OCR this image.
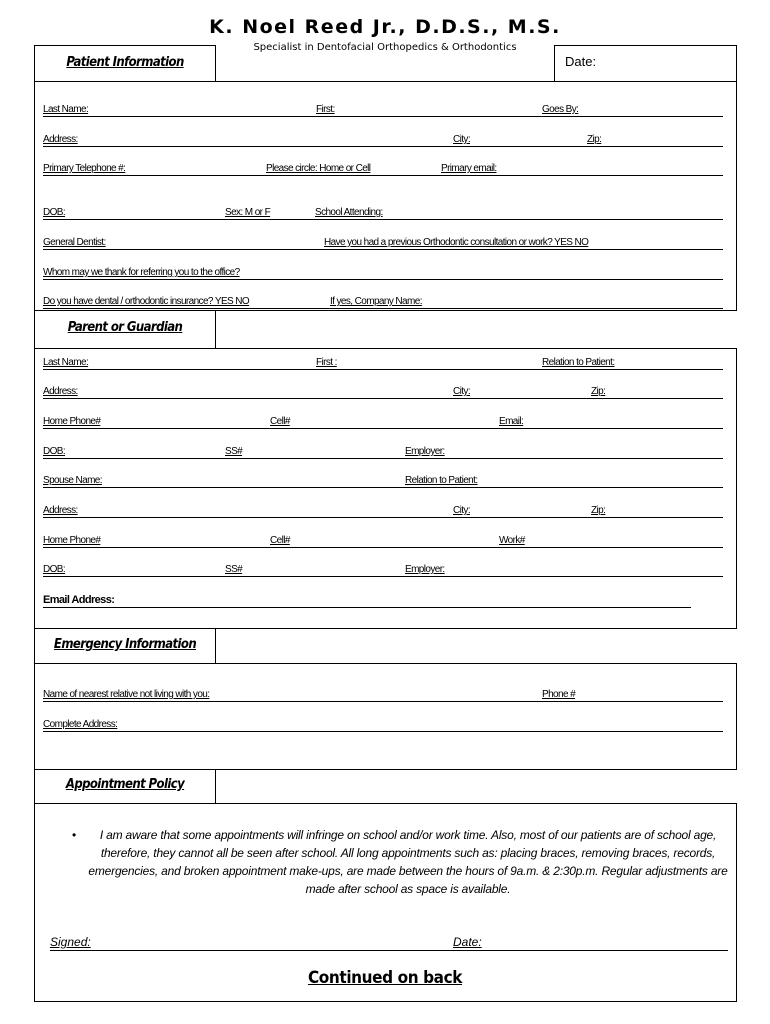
K. Noel Reed Jr., D.D.S., M.S.
Specialist in Dentofacial Orthopedics & Orthodontics
Patient Information	Date:
Parent or Guardian
Emergency Information
Appointment Policy
Last Name:	First:	Goes By:
Address:	City:	Zip:
Primary Telephone #:	Please circle: Home or Cell	Primary email:
DOB:	Sex: M or F	School Attending:
General Dentist:	Have you had a previous Orthodontic consultation or work? YES NO
Whom may we thank for referring you to the office?
Do you have dental / orthodontic insurance? YES NO	If yes, Company Name:
Last Name:	First :	Relation to Patient:
Address:	City:	Zip:
Home Phone#	Cell#	Email:
DOB:	SS#	Employer:
Spouse Name:	Relation to Patient:
Address:	City:	Zip:
Home Phone#	Cell#	Work#
DOB:	SS#	Employer:
Email Address:
Name of nearest relative not living with you:	Phone #
Complete Address:
•	I am aware that some appointments will infringe on school and/or work time. Also, most of our patients are of school age, therefore, they cannot all be seen after school. All long appointments such as: placing braces, removing braces, records, emergencies, and broken appointment make-ups, are made between the hours of 9a.m. & 2:30p.m. Regular adjustments are made after school as space is available.
Signed:	Date:
Continued on back
